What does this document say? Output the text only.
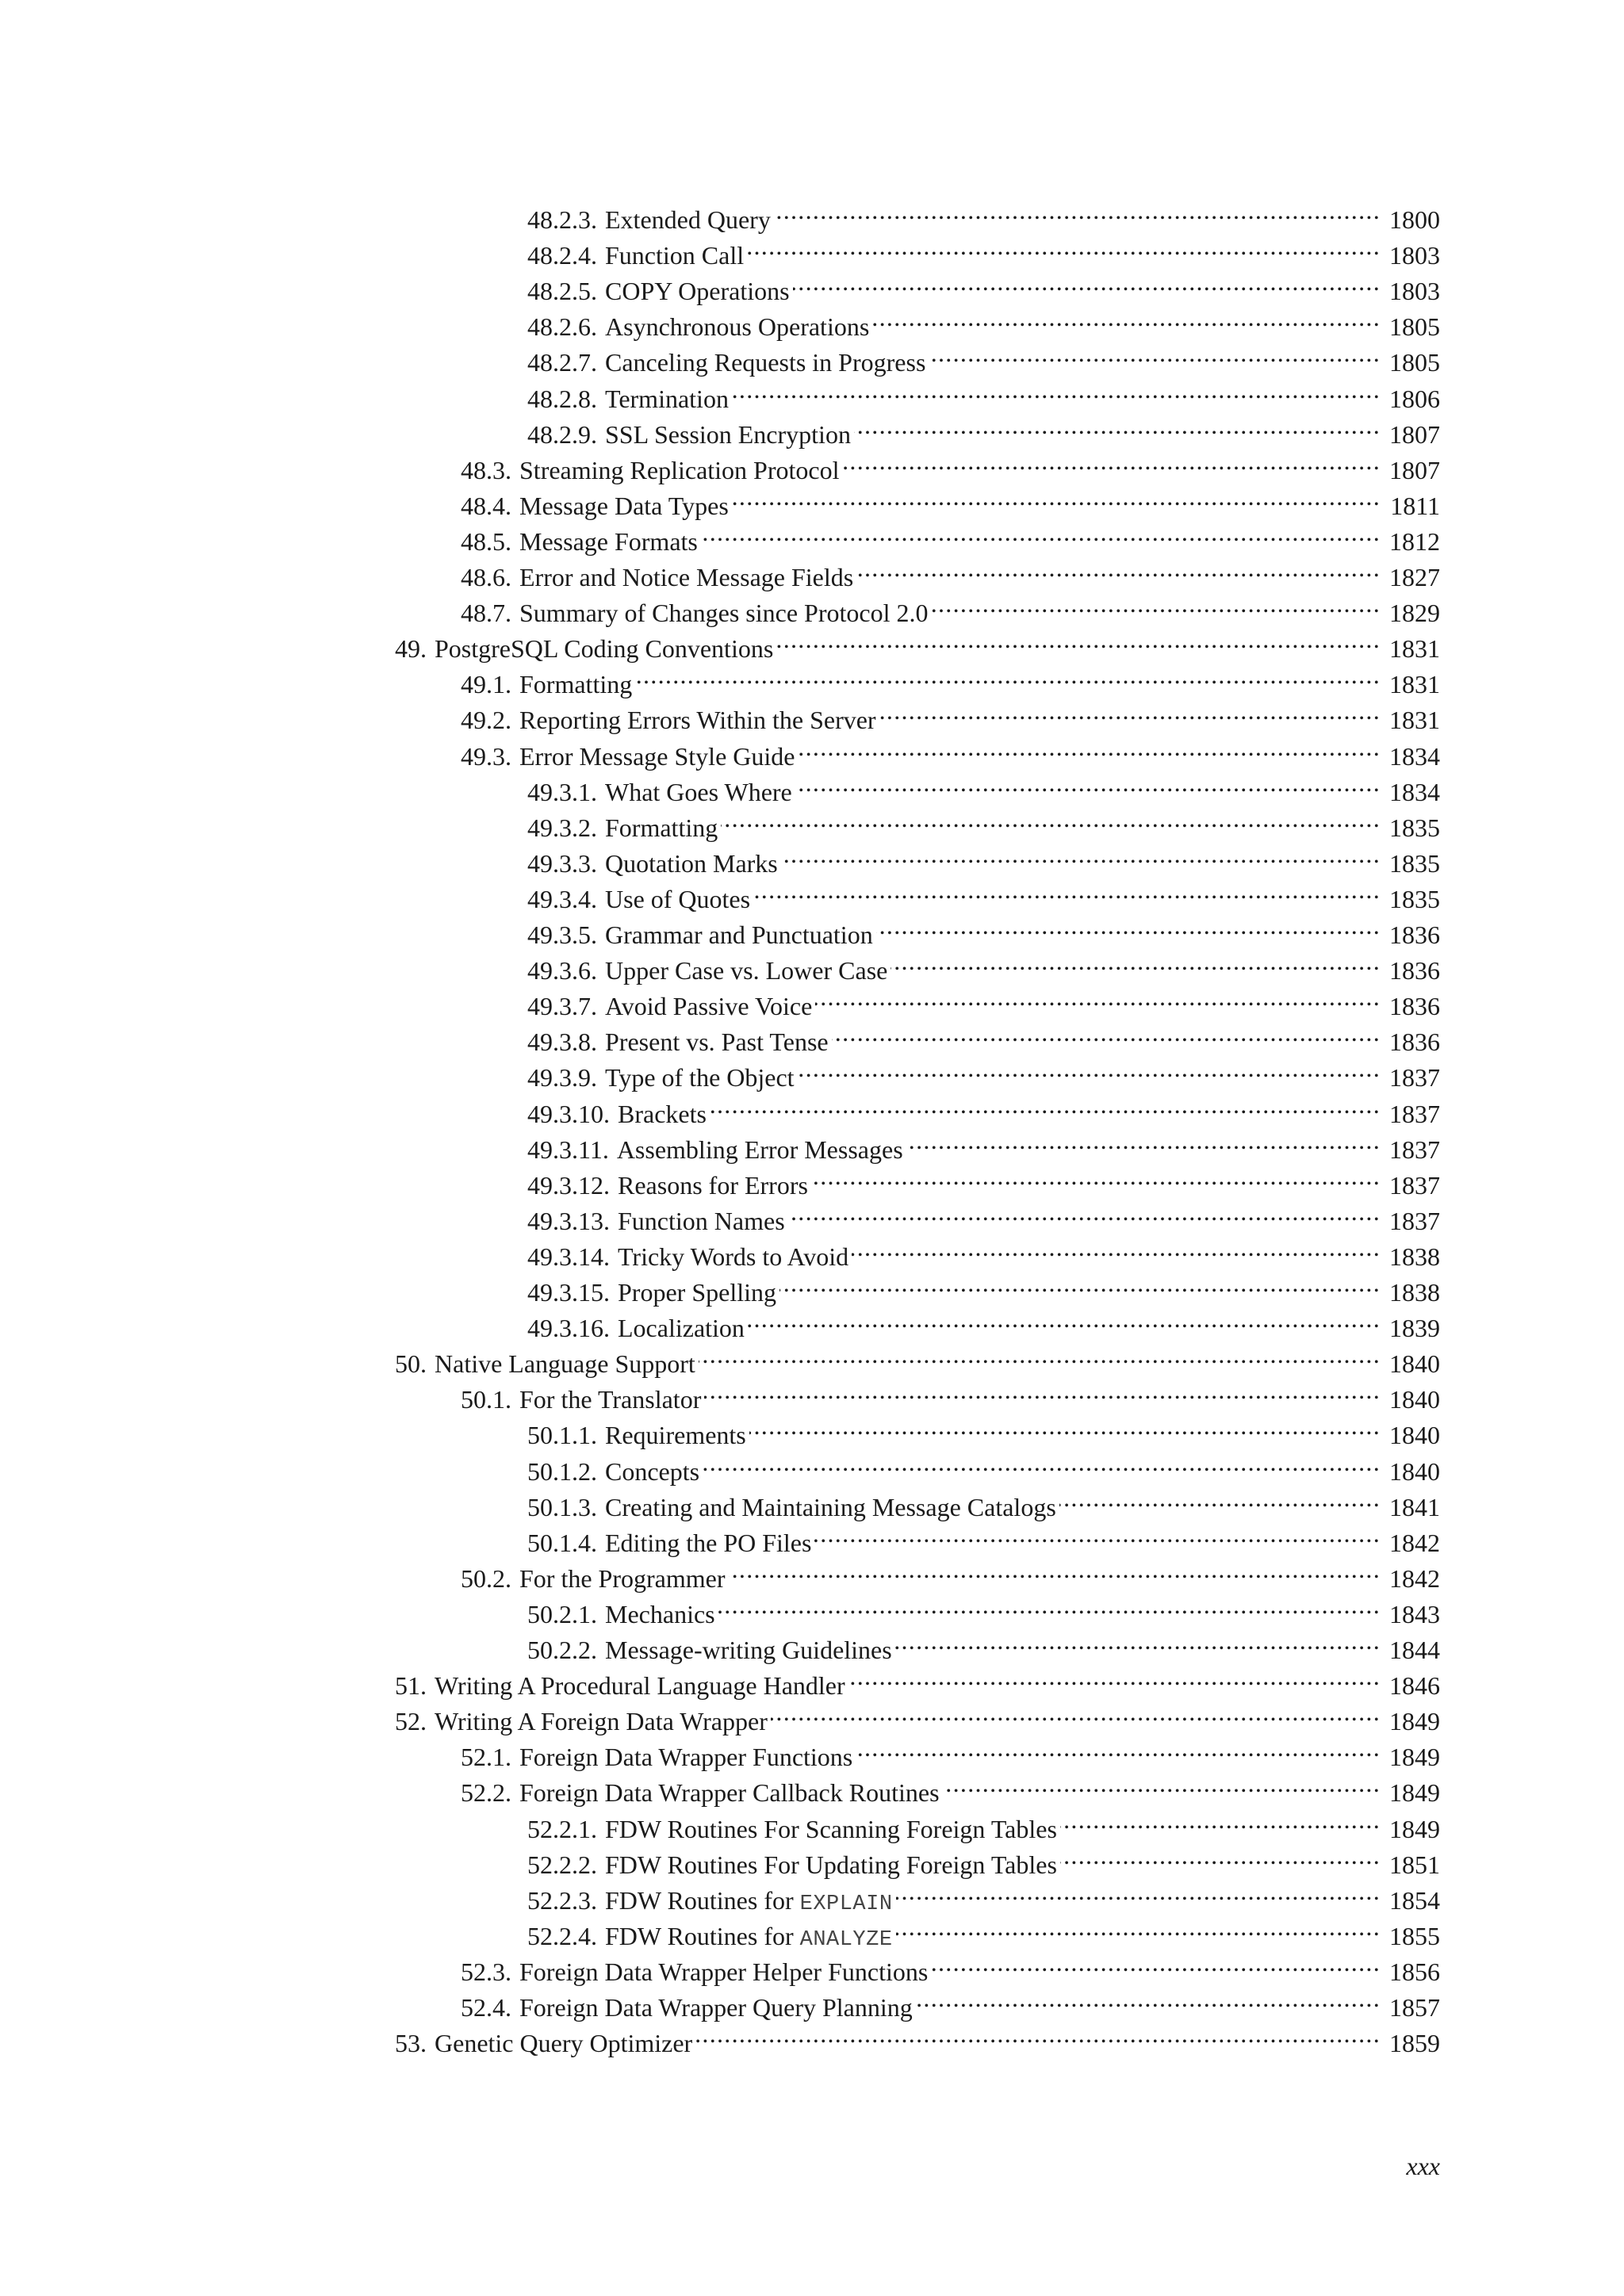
48.2.3. Extended Query .....	1800
48.2.4. Function Call .....	1803
48.2.5. COPY Operations .....	1803
48.2.6. Asynchronous Operations .....	1805
48.2.7. Canceling Requests in Progress .....	1805
48.2.8. Termination .....	1806
48.2.9. SSL Session Encryption .....	1807
48.3. Streaming Replication Protocol .....	1807
48.4. Message Data Types .....	1811
48.5. Message Formats .....	1812
48.6. Error and Notice Message Fields .....	1827
48.7. Summary of Changes since Protocol 2.0 .....	1829
49. PostgreSQL Coding Conventions .....	1831
49.1. Formatting .....	1831
49.2. Reporting Errors Within the Server .....	1831
49.3. Error Message Style Guide .....	1834
49.3.1. What Goes Where .....	1834
49.3.2. Formatting .....	1835
49.3.3. Quotation Marks .....	1835
49.3.4. Use of Quotes .....	1835
49.3.5. Grammar and Punctuation .....	1836
49.3.6. Upper Case vs. Lower Case .....	1836
49.3.7. Avoid Passive Voice .....	1836
49.3.8. Present vs. Past Tense .....	1836
49.3.9. Type of the Object .....	1837
49.3.10. Brackets .....	1837
49.3.11. Assembling Error Messages .....	1837
49.3.12. Reasons for Errors .....	1837
49.3.13. Function Names .....	1837
49.3.14. Tricky Words to Avoid .....	1838
49.3.15. Proper Spelling .....	1838
49.3.16. Localization .....	1839
50. Native Language Support .....	1840
50.1. For the Translator .....	1840
50.1.1. Requirements .....	1840
50.1.2. Concepts .....	1840
50.1.3. Creating and Maintaining Message Catalogs .....	1841
50.1.4. Editing the PO Files .....	1842
50.2. For the Programmer .....	1842
50.2.1. Mechanics .....	1843
50.2.2. Message-writing Guidelines .....	1844
51. Writing A Procedural Language Handler .....	1846
52. Writing A Foreign Data Wrapper .....	1849
52.1. Foreign Data Wrapper Functions .....	1849
52.2. Foreign Data Wrapper Callback Routines .....	1849
52.2.1. FDW Routines For Scanning Foreign Tables .....	1849
52.2.2. FDW Routines For Updating Foreign Tables .....	1851
52.2.3. FDW Routines for EXPLAIN .....	1854
52.2.4. FDW Routines for ANALYZE .....	1855
52.3. Foreign Data Wrapper Helper Functions .....	1856
52.4. Foreign Data Wrapper Query Planning .....	1857
53. Genetic Query Optimizer .....	1859
xxx
